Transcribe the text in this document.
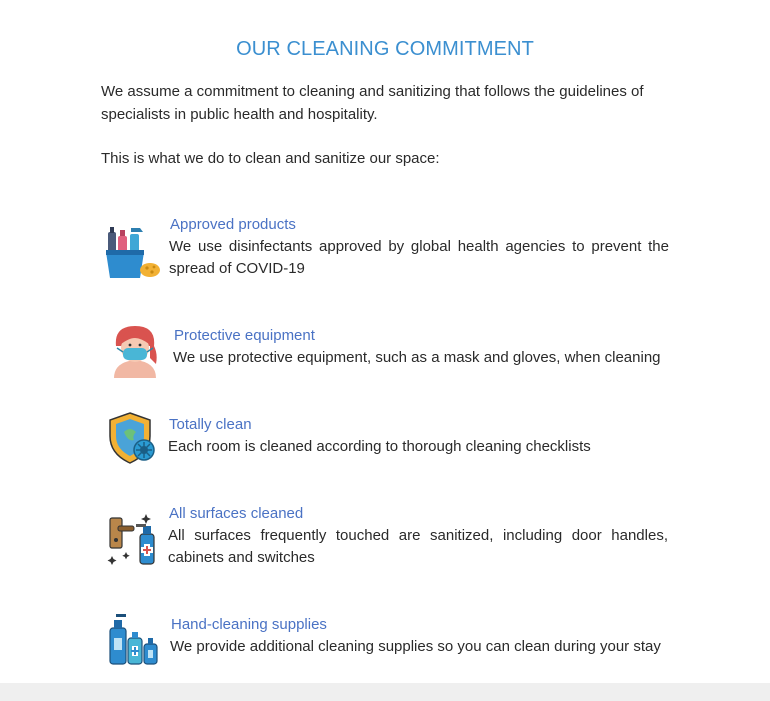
OUR CLEANING COMMITMENT
We assume a commitment to cleaning and sanitizing that follows the guidelines of specialists in public health and hospitality.
This is what we do to clean and sanitize our space:
Approved products
We use disinfectants approved by global health agencies to prevent the spread of COVID-19
Protective equipment
We use protective equipment, such as a mask and gloves, when cleaning
Totally clean
Each room is cleaned according to thorough cleaning checklists
All surfaces cleaned
All surfaces frequently touched are sanitized, including door handles, cabinets and switches
Hand-cleaning supplies
We provide additional cleaning supplies so you can clean during your stay
